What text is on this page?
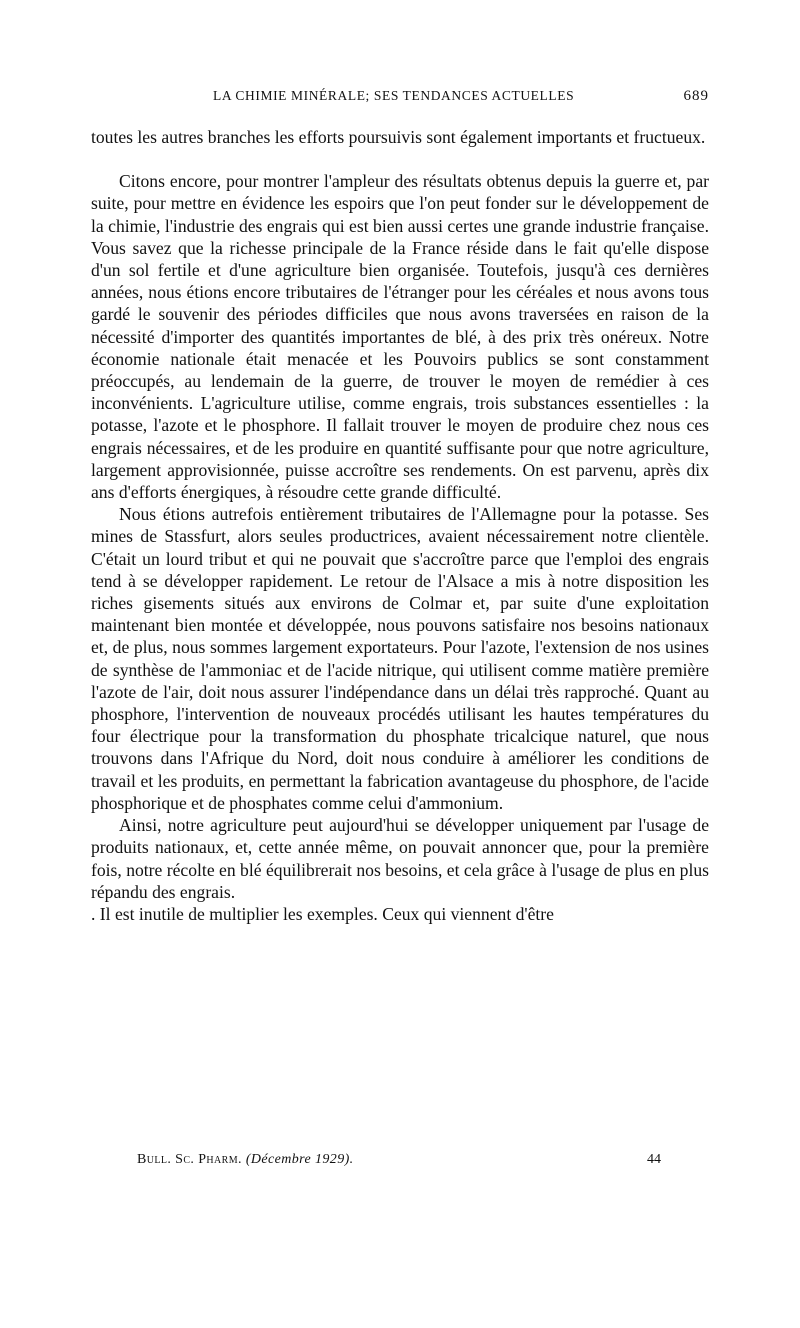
LA CHIMIE MINÉRALE; SES TENDANCES ACTUELLES	689

toutes les autres branches les efforts poursuivis sont également importants et fructueux.

Citons encore, pour montrer l'ampleur des résultats obtenus depuis la guerre et, par suite, pour mettre en évidence les espoirs que l'on peut fonder sur le développement de la chimie, l'industrie des engrais qui est bien aussi certes une grande industrie française. Vous savez que la richesse principale de la France réside dans le fait qu'elle dispose d'un sol fertile et d'une agriculture bien organisée. Toutefois, jusqu'à ces dernières années, nous étions encore tributaires de l'étranger pour les céréales et nous avons tous gardé le souvenir des périodes difficiles que nous avons traversées en raison de la nécessité d'importer des quantités importantes de blé, à des prix très onéreux. Notre économie nationale était menacée et les Pouvoirs publics se sont constamment préoccupés, au lendemain de la guerre, de trouver le moyen de remédier à ces inconvénients. L'agriculture utilise, comme engrais, trois substances essentielles : la potasse, l'azote et le phosphore. Il fallait trouver le moyen de produire chez nous ces engrais nécessaires, et de les produire en quantité suffisante pour que notre agriculture, largement approvisionnée, puisse accroître ses rendements. On est parvenu, après dix ans d'efforts énergiques, à résoudre cette grande difficulté.

Nous étions autrefois entièrement tributaires de l'Allemagne pour la potasse. Ses mines de Stassfurt, alors seules productrices, avaient nécessairement notre clientèle. C'était un lourd tribut et qui ne pouvait que s'accroître parce que l'emploi des engrais tend à se développer rapidement. Le retour de l'Alsace a mis à notre disposition les riches gisements situés aux environs de Colmar et, par suite d'une exploitation maintenant bien montée et développée, nous pouvons satisfaire nos besoins nationaux et, de plus, nous sommes largement exportateurs. Pour l'azote, l'extension de nos usines de synthèse de l'ammoniac et de l'acide nitrique, qui utilisent comme matière première l'azote de l'air, doit nous assurer l'indépendance dans un délai très rapproché. Quant au phosphore, l'intervention de nouveaux procédés utilisant les hautes températures du four électrique pour la transformation du phosphate tricalcique naturel, que nous trouvons dans l'Afrique du Nord, doit nous conduire à améliorer les conditions de travail et les produits, en permettant la fabrication avantageuse du phosphore, de l'acide phosphorique et de phosphates comme celui d'ammonium.

Ainsi, notre agriculture peut aujourd'hui se développer uniquement par l'usage de produits nationaux, et, cette année même, on pouvait annoncer que, pour la première fois, notre récolte en blé équilibrerait nos besoins, et cela grâce à l'usage de plus en plus répandu des engrais.

. Il est inutile de multiplier les exemples. Ceux qui viennent d'être

Bull. Sc. Pharm. (Décembre 1929).	44
